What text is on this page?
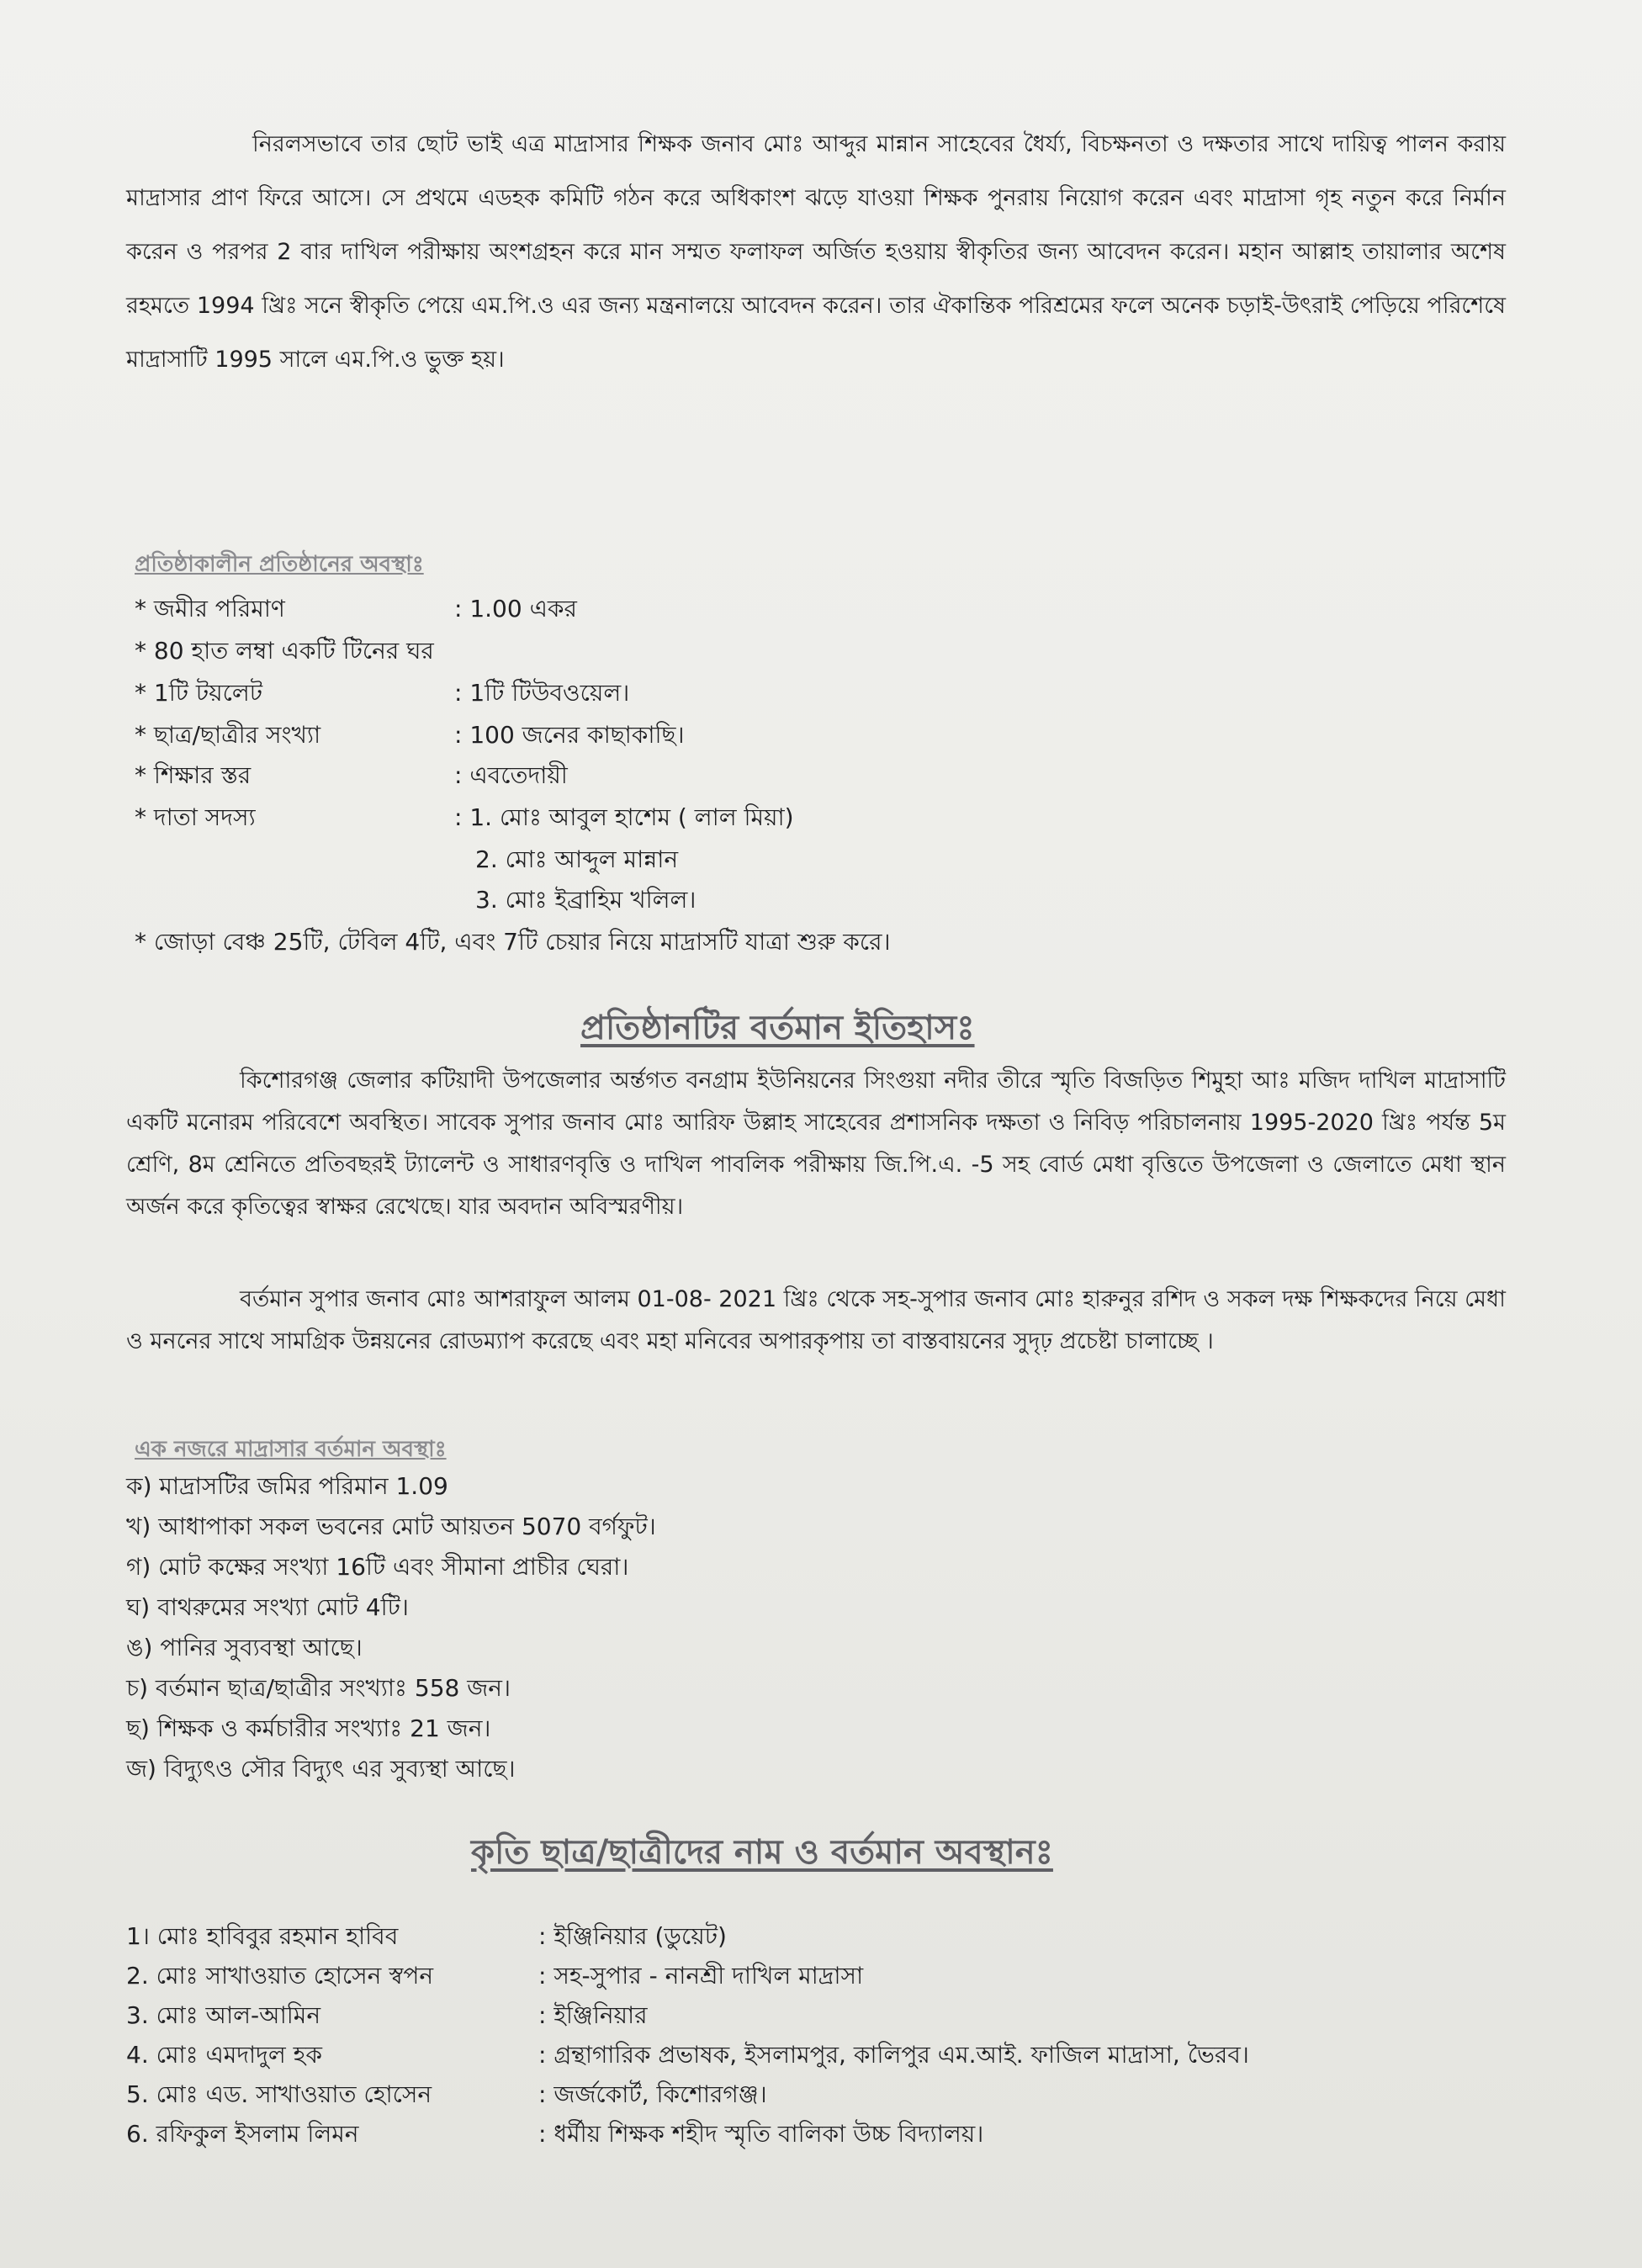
নিরলসভাবে তার ছোট ভাই এত্র মাদ্রাসার শিক্ষক জনাব মোঃ আব্দুর মান্নান সাহেবের ধৈর্য্য, বিচক্ষনতা ও দক্ষতার সাথে দায়িত্ব পালন করায় মাদ্রাসার প্রাণ ফিরে আসে। সে প্রথমে এডহক কমিটি গঠন করে অধিকাংশ ঝড়ে যাওয়া শিক্ষক পুনরায় নিয়োগ করেন এবং মাদ্রাসা গৃহ নতুন করে নির্মান করেন ও পরপর 2 বার দাখিল পরীক্ষায় অংশগ্রহন করে মান সম্মত ফলাফল অর্জিত হওয়ায় স্বীকৃতির জন্য আবেদন করেন। মহান আল্লাহ তায়ালার অশেষ রহমতে 1994 খ্রিঃ সনে স্বীকৃতি পেয়ে এম.পি.ও এর জন্য মন্ত্রনালয়ে আবেদন করেন। তার ঐকান্তিক পরিশ্রমের ফলে অনেক চড়াই-উৎরাই পেড়িয়ে পরিশেষে মাদ্রাসাটি 1995 সালে এম.পি.ও ভুক্ত হয়।
প্রতিষ্ঠাকালীন প্রতিষ্ঠানের অবস্থাঃ
* জমীর পরিমাণ	: 1.00 একর
* 80 হাত লম্বা একটি টিনের ঘর
* 1টি টয়লেট	: 1টি টিউবওয়েল।
* ছাত্র/ছাত্রীর সংখ্যা	: 100 জনের কাছাকাছি।
* শিক্ষার স্তর	: এবতেদায়ী
* দাতা সদস্য	: 1. মোঃ আবুল হাশেম ( লাল মিয়া)
2. মোঃ আব্দুল মান্নান
3. মোঃ ইব্রাহিম খলিল।
* জোড়া বেঞ্চ 25টি, টেবিল 4টি, এবং 7টি চেয়ার নিয়ে মাদ্রাসটি যাত্রা শুরু করে।
প্রতিষ্ঠানটির বর্তমান ইতিহাসঃ
কিশোরগঞ্জ জেলার কটিয়াদী উপজেলার অর্ন্তগত বনগ্রাম ইউনিয়নের সিংগুয়া নদীর তীরে স্মৃতি বিজড়িত শিমুহা আঃ মজিদ দাখিল মাদ্রাসাটি একটি মনোরম পরিবেশে অবস্থিত। সাবেক সুপার জনাব মোঃ আরিফ উল্লাহ সাহেবের প্রশাসনিক দক্ষতা ও নিবিড় পরিচালনায় 1995-2020 খ্রিঃ পর্যন্ত 5ম শ্রেণি, 8ম শ্রেনিতে প্রতিবছরই ট্যালেন্ট ও সাধারণবৃত্তি ও দাখিল পাবলিক পরীক্ষায় জি.পি.এ. -5 সহ বোর্ড মেধা বৃত্তিতে উপজেলা ও জেলাতে মেধা স্থান অর্জন করে কৃতিত্বের স্বাক্ষর রেখেছে। যার অবদান অবিস্মরণীয়।
বর্তমান সুপার জনাব মোঃ আশরাফুল আলম 01-08- 2021 খ্রিঃ থেকে সহ-সুপার জনাব মোঃ হারুনুর রশিদ ও সকল দক্ষ শিক্ষকদের নিয়ে মেধা ও মননের সাথে সামগ্রিক উন্নয়নের রোডম্যাপ করেছে এবং মহা মনিবের অপারকৃপায় তা বাস্তবায়নের সুদৃঢ় প্রচেষ্টা চালাচ্ছে ।
এক নজরে মাদ্রাসার বর্তমান অবস্থাঃ
ক) মাদ্রাসটির জমির পরিমান 1.09
খ) আধাপাকা সকল ভবনের মোট আয়তন 5070 বর্গফুট।
গ) মোট কক্ষের সংখ্যা 16টি এবং সীমানা প্রাচীর ঘেরা।
ঘ) বাথরুমের সংখ্যা মোট 4টি।
ঙ) পানির সুব্যবস্থা আছে।
চ) বর্তমান ছাত্র/ছাত্রীর সংখ্যাঃ 558 জন।
ছ) শিক্ষক ও কর্মচারীর সংখ্যাঃ 21 জন।
জ) বিদ্যুৎও সৌর বিদ্যুৎ এর সুব্যস্থা আছে।
কৃতি ছাত্র/ছাত্রীদের নাম ও বর্তমান অবস্থানঃ
1। মোঃ হাবিবুর রহমান হাবিব	: ইঞ্জিনিয়ার (ডুয়েট)
2. মোঃ সাখাওয়াত হোসেন স্বপন	: সহ-সুপার - নানশ্রী দাখিল মাদ্রাসা
3. মোঃ আল-আমিন	: ইঞ্জিনিয়ার
4. মোঃ এমদাদুল হক	: গ্রন্থাগারিক প্রভাষক, ইসলামপুর, কালিপুর এম.আই. ফাজিল মাদ্রাসা, ভৈরব।
5. মোঃ এড. সাখাওয়াত হোসেন	: জর্জকোর্ট, কিশোরগঞ্জ।
6. রফিকুল ইসলাম লিমন	: ধর্মীয় শিক্ষক শহীদ স্মৃতি বালিকা উচ্চ বিদ্যালয়।
